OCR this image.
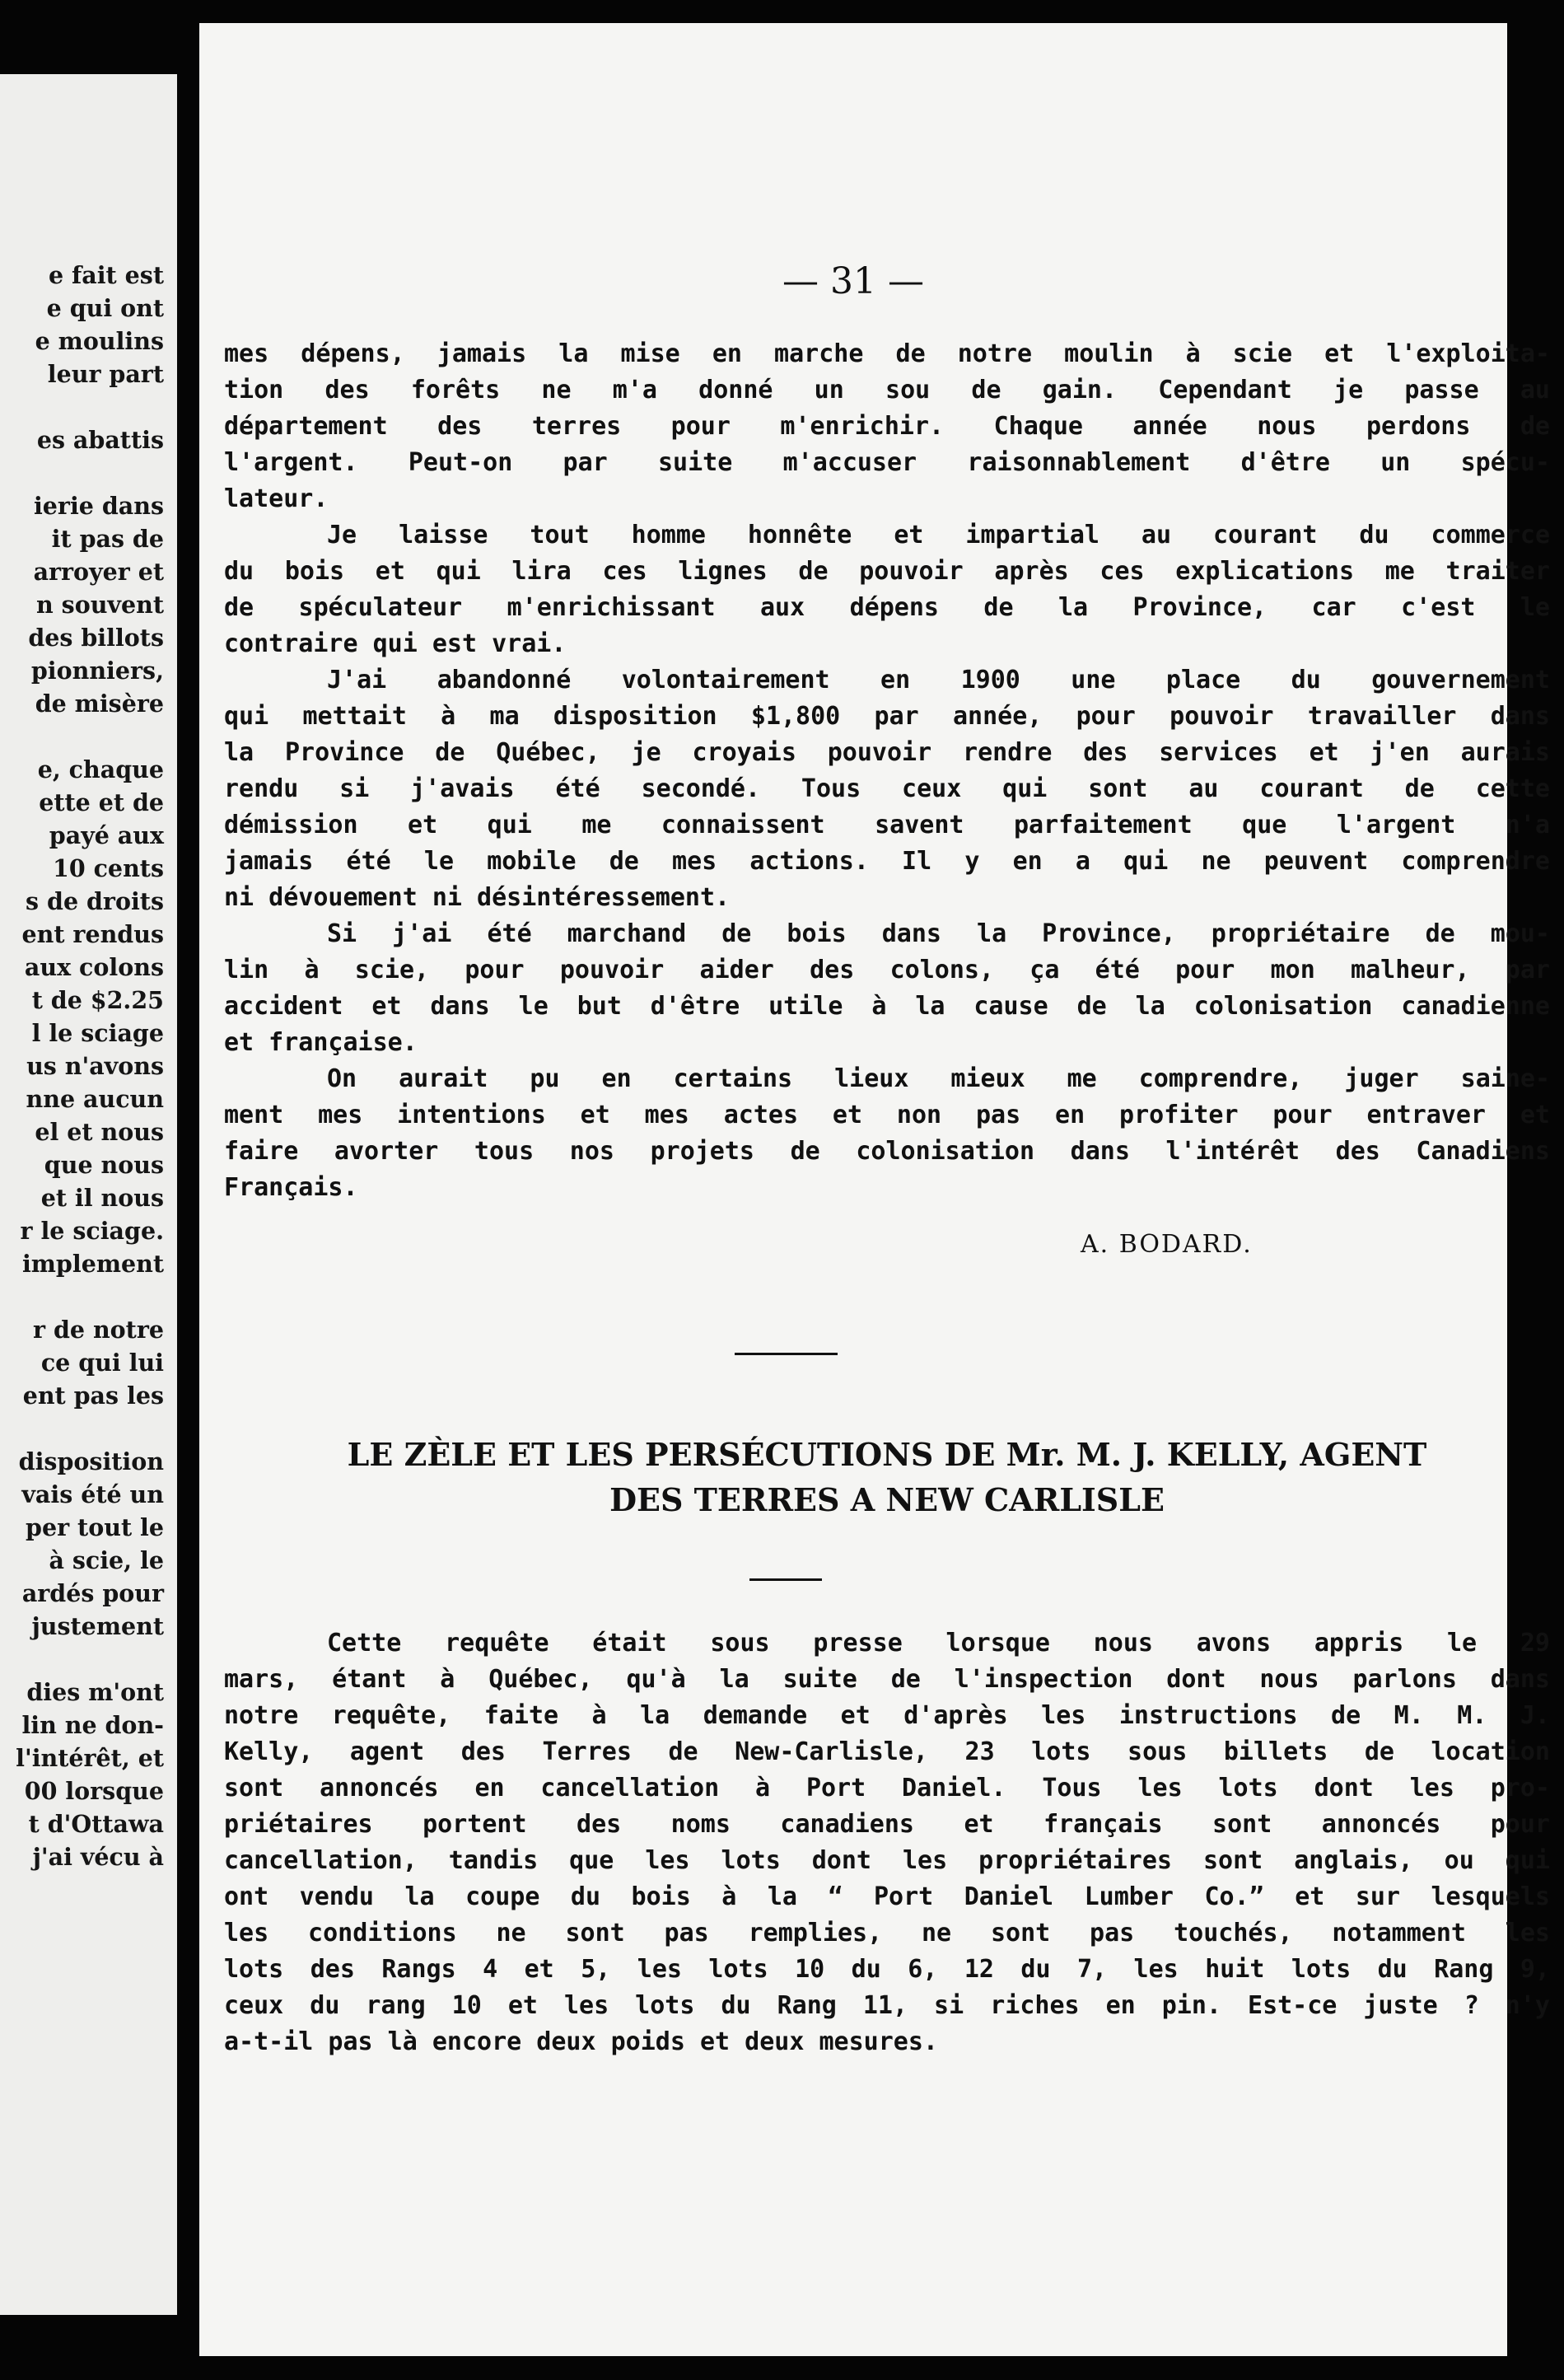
e fait est
e qui ont
e moulins
leur part
es abattis
ierie dans
it pas de
arroyer et
n souvent
des billots
pionniers,
de misère
e, chaque
ette et de
payé aux
10 cents
s de droits
ent rendus
aux colons
t de $2.25
l le sciage
us n'avons
nne aucun
el et nous
que nous
et il nous
r le sciage.
implement
r de notre
ce qui lui
ent pas les
disposition
vais été un
per tout le
à scie, le
ardés pour
justement
dies m'ont
lin ne don-
l'intérêt, et
00 lorsque
t d'Ottawa
j'ai vécu à
— 31 —
mes dépens, jamais la mise en marche de notre moulin à scie et l'exploita-
tion des forêts ne m'a donné un sou de gain. Cependant je passe au
département des terres pour m'enrichir. Chaque année nous perdons de
l'argent. Peut-on par suite m'accuser raisonnablement d'être un spécu-
lateur.
Je laisse tout homme honnête et impartial au courant du commerce
du bois et qui lira ces lignes de pouvoir après ces explications me traiter
de spéculateur m'enrichissant aux dépens de la Province, car c'est le
contraire qui est vrai.
J'ai abandonné volontairement en 1900 une place du gouvernement
qui mettait à ma disposition $1,800 par année, pour pouvoir travailler dans
la Province de Québec, je croyais pouvoir rendre des services et j'en aurais
rendu si j'avais été secondé. Tous ceux qui sont au courant de cette
démission et qui me connaissent savent parfaitement que l'argent n'a
jamais été le mobile de mes actions. Il y en a qui ne peuvent comprendre
ni dévouement ni désintéressement.
Si j'ai été marchand de bois dans la Province, propriétaire de mou-
lin à scie, pour pouvoir aider des colons, ça été pour mon malheur, par
accident et dans le but d'être utile à la cause de la colonisation canadienne
et française.
On aurait pu en certains lieux mieux me comprendre, juger saine-
ment mes intentions et mes actes et non pas en profiter pour entraver et
faire avorter tous nos projets de colonisation dans l'intérêt des Canadiens
Français.
A. BODARD.
LE ZÈLE ET LES PERSÉCUTIONS DE Mr. M. J. KELLY, AGENT
DES TERRES A NEW CARLISLE
Cette requête était sous presse lorsque nous avons appris le 29
mars, étant à Québec, qu'à la suite de l'inspection dont nous parlons dans
notre requête, faite à la demande et d'après les instructions de M. M. J.
Kelly, agent des Terres de New-Carlisle, 23 lots sous billets de location
sont annoncés en cancellation à Port Daniel. Tous les lots dont les pro-
priétaires portent des noms canadiens et français sont annoncés pour
cancellation, tandis que les lots dont les propriétaires sont anglais, ou qui
ont vendu la coupe du bois à la “ Port Daniel Lumber Co.” et sur lesquels
les conditions ne sont pas remplies, ne sont pas touchés, notamment les
lots des Rangs 4 et 5, les lots 10 du 6, 12 du 7, les huit lots du Rang 9,
ceux du rang 10 et les lots du Rang 11, si riches en pin. Est-ce juste ? n'y
a-t-il pas là encore deux poids et deux mesures.
